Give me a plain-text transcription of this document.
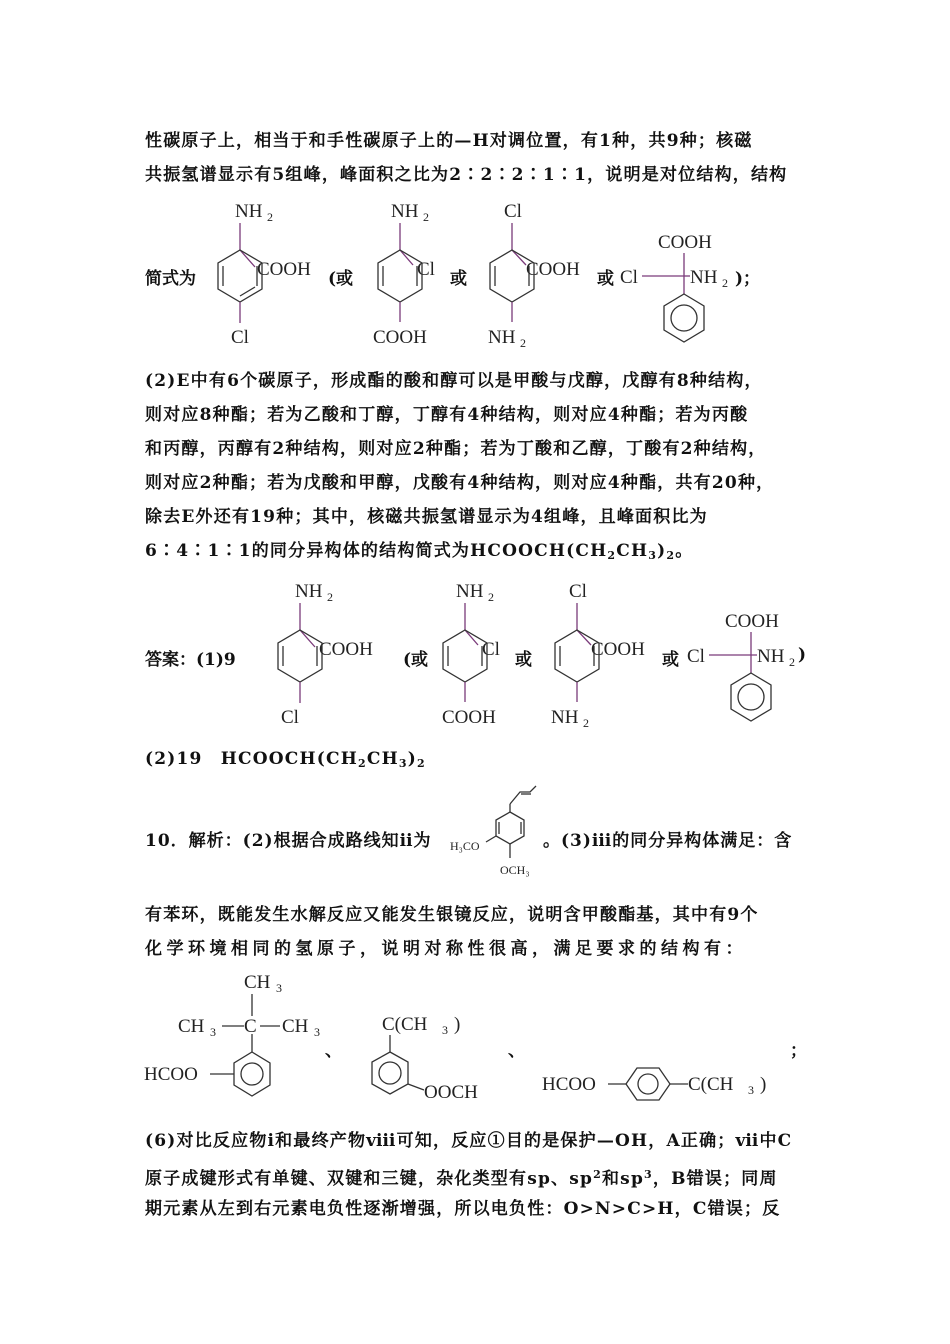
性碳原子上，相当于和手性碳原子上的—H对调位置，有1种，共9种；核磁
共振氢谱显示有5组峰，峰面积之比为2∶2∶2∶1∶1，说明是对位结构，结构
简式为	(或	或	或	)；
NH 2
COOH
Cl
NH 2
Cl
COOH
Cl
COOH
NH 2
COOH
Cl	NH 2
(2)E中有6个碳原子，形成酯的酸和醇可以是甲酸与戊醇，戊醇有8种结构，
则对应8种酯；若为乙酸和丁醇，丁醇有4种结构，则对应4种酯；若为丙酸
和丙醇，丙醇有2种结构，则对应2种酯；若为丁酸和乙醇，丁酸有2种结构，
则对应2种酯；若为戊酸和甲醇，戊酸有4种结构，则对应4种酯，共有20种，
除去E外还有19种；其中，核磁共振氢谱显示为4组峰，且峰面积比为
6∶4∶1∶1的同分异构体的结构简式为$HCOOCH(CH_2CH_3)_2$。
答案：(1)9	(或	或	或	)
NH 2
COOH
Cl
NH 2
Cl
COOH
Cl
COOH
NH 2
COOH
Cl	NH 2
(2)19　$HCOOCH(CH_2CH_3)_2$
10．解析：(2)根据合成路线知ⅱ为 H₃CO
OCH₃
。(3)ⅲ的同分异构体满足：含
有苯环，既能发生水解反应又能发生银镜反应，说明含甲酸酯基，其中有9个
化学环境相同的氢原子，说明对称性很高，满足要求的结构有：
CH 3
CH 3 C CH 3
HCOO
、
C(CH 3 )
OOCH
、
HCOO	C(CH 3 )
；
(6)对比反应物ⅰ和最终产物ⅷ可知，反应①目的是保护—OH，A正确；ⅶ中C
原子成键形式有单键、双键和三键，杂化类型有sp、$sp^2$和$sp^3$，B错误；同周
期元素从左到右元素电负性逐渐增强，所以电负性：O>N>C>H，C错误；反
